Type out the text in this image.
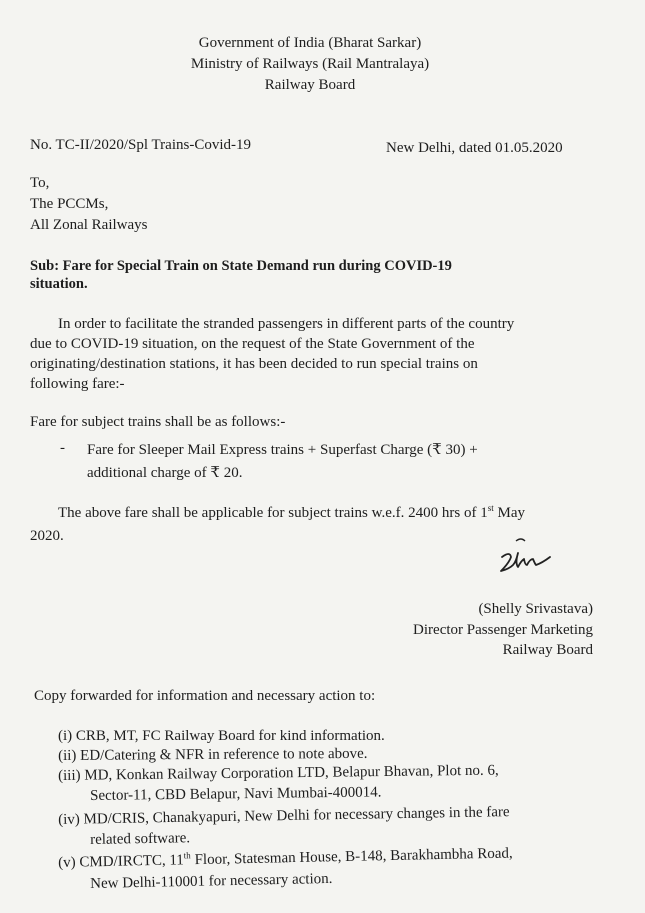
Government of India (Bharat Sarkar)
Ministry of Railways (Rail Mantralaya)
Railway Board
No. TC-II/2020/Spl Trains-Covid-19	New Delhi, dated 01.05.2020
To,
The PCCMs,
All Zonal Railways
Sub: Fare for Special Train on State Demand run during COVID-19
situation.
In order to facilitate the stranded passengers in different parts of the country
due to COVID-19 situation, on the request of the State Government of the
originating/destination stations, it has been decided to run special trains on
following fare:-
Fare for subject trains shall be as follows:-
- Fare for Sleeper Mail Express trains + Superfast Charge (₹ 30) +
additional charge of ₹ 20.
The above fare shall be applicable for subject trains w.e.f. 2400 hrs of 1st May
2020.	Slm
(Shelly Srivastava)
Director Passenger Marketing
Railway Board
Copy forwarded for information and necessary action to:
(i) CRB, MT, FC Railway Board for kind information.
(ii) ED/Catering & NFR in reference to note above.
(iii) MD, Konkan Railway Corporation LTD, Belapur Bhavan, Plot no. 6,
Sector-11, CBD Belapur, Navi Mumbai-400014.
(iv) MD/CRIS, Chanakyapuri, New Delhi for necessary changes in the fare
related software.
(v) CMD/IRCTC, 11th Floor, Statesman House, B-148, Barakhambha Road,
New Delhi-110001 for necessary action.
